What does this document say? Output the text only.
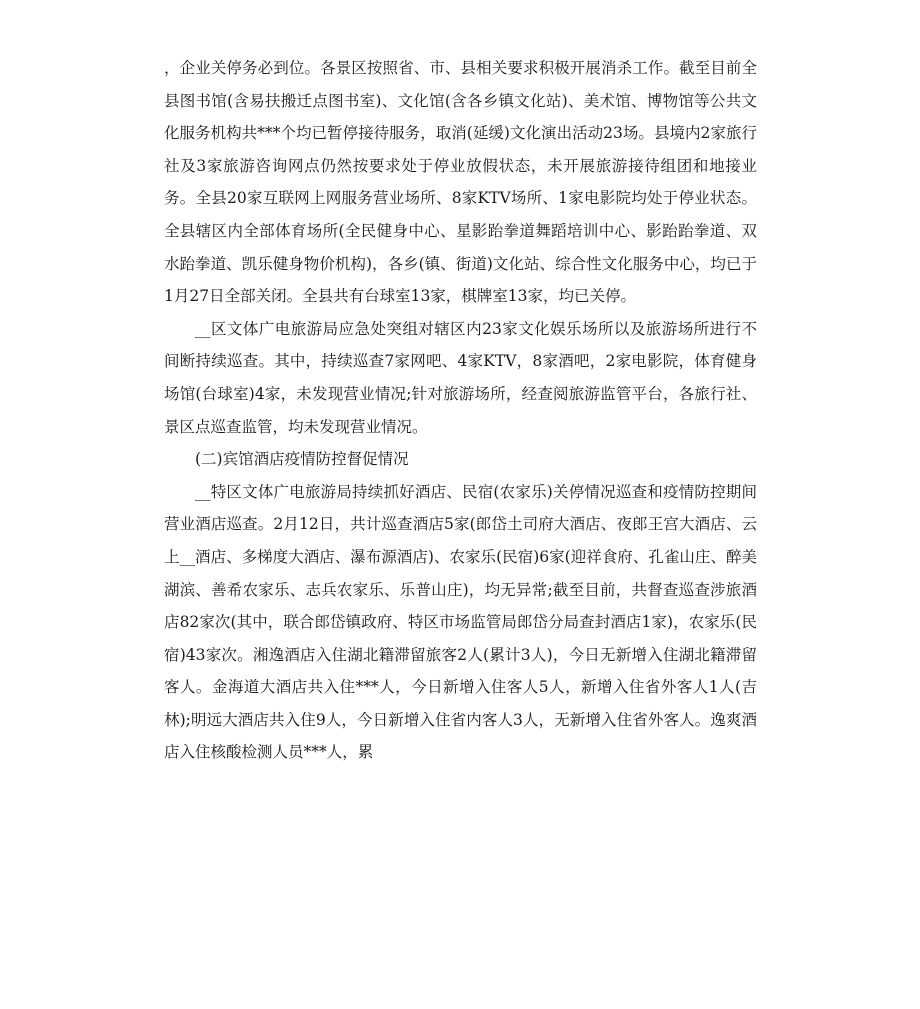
，企业关停务必到位。各景区按照省、市、县相关要求积极开展消杀工作。截至目前全县图书馆(含易扶搬迁点图书室)、文化馆(含各乡镇文化站)、美术馆、博物馆等公共文化服务机构共***个均已暂停接待服务，取消(延缓)文化演出活动23场。县境内2家旅行社及3家旅游咨询网点仍然按要求处于停业放假状态，未开展旅游接待组团和地接业务。全县20家互联网上网服务营业场所、8家KTV场所、1家电影院均处于停业状态。全县辖区内全部体育场所(全民健身中心、星影跆拳道舞蹈培训中心、影跆跆拳道、双水跆拳道、凯乐健身物价机构)，各乡(镇、街道)文化站、综合性文化服务中心，均已于1月27日全部关闭。全县共有台球室13家，棋牌室13家，均已关停。

__区文体广电旅游局应急处突组对辖区内23家文化娱乐场所以及旅游场所进行不间断持续巡查。其中，持续巡查7家网吧、4家KTV，8家酒吧，2家电影院，体育健身场馆(台球室)4家，未发现营业情况;针对旅游场所，经查阅旅游监管平台，各旅行社、景区点巡查监管，均未发现营业情况。

(二)宾馆酒店疫情防控督促情况

__特区文体广电旅游局持续抓好酒店、民宿(农家乐)关停情况巡查和疫情防控期间营业酒店巡查。2月12日，共计巡查酒店5家(郎岱土司府大酒店、夜郎王宫大酒店、云上__酒店、多梯度大酒店、瀑布源酒店)、农家乐(民宿)6家(迎祥食府、孔雀山庄、醉美湖滨、善希农家乐、志兵农家乐、乐普山庄)，均无异常;截至目前，共督查巡查涉旅酒店82家次(其中，联合郎岱镇政府、特区市场监管局郎岱分局查封酒店1家)，农家乐(民宿)43家次。湘逸酒店入住湖北籍滞留旅客2人(累计3人)，今日无新增入住湖北籍滞留客人。金海道大酒店共入住***人，今日新增入住客人5人，新增入住省外客人1人(吉林);明远大酒店共入住9人，今日新增入住省内客人3人，无新增入住省外客人。逸爽酒店入住核酸检测人员***人，累
